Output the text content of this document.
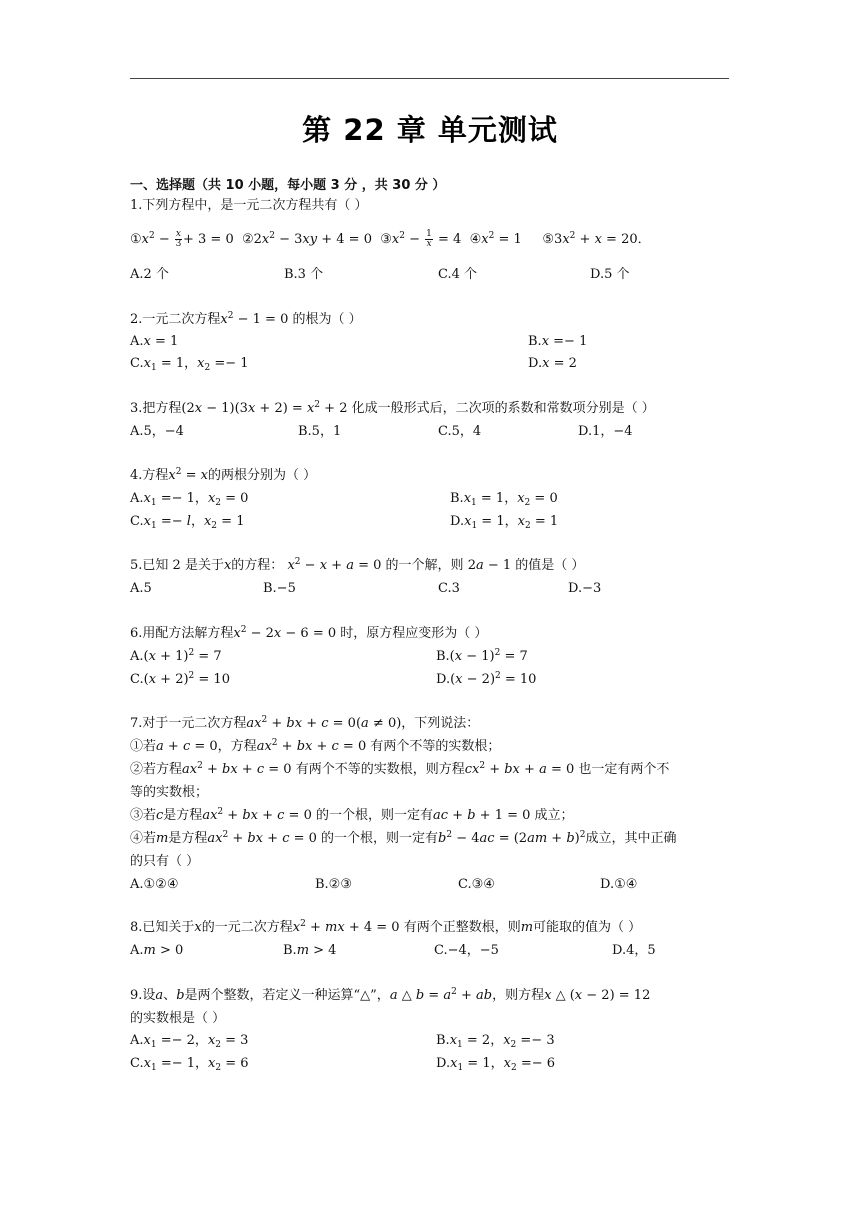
第 22 章 单元测试
一、选择题（共 10 小题，每小题 3 分 ，共 30 分 ）
1.下列方程中，是一元二次方程共有（ ）
$①x^2 - \frac{x}{3} + 3 = 0$  $②2x^2 - 3xy + 4 = 0$  $③x^2 - \frac{1}{x} = 4$  $④x^2 = 1$     $⑤3x^2 + x = 20$．
A.2 个	B.3 个	C.4 个	D.5 个
2.一元二次方程$x^2 - 1 = 0$ 的根为（ ）
A.x = 1	B.x =− 1
$C.x_1 = 1$，$x_2 =- 1$	D.x = 2
3.把方程$(2x - 1)(3x + 2) = x^2 + 2$ 化成一般形式后，二次项的系数和常数项分别是（ ）
A.5，−4	B.5，1	C.5，4	D.1，−4
4.方程$x^2 = x$的两根分别为（ ）
$A.x_1 =- 1$，$x_2 = 0$	$B.x_1 = 1$，$x_2 = 0$
$C.x_1 =- l$，$x_2 = 1$	$D.x_1 = 1$，$x_2 = 1$
5.已知 2 是关于x的方程： $x^2 - x + a = 0$ 的一个解，则 2a − 1 的值是（ ）
A.5	B.−5	C.3	D.−3
6.用配方法解方程$x^2 - 2x - 6 = 0$ 时，原方程应变形为（ ）
$A.(x + 1)^2 = 7$	$B.(x - 1)^2 = 7$
$C.(x + 2)^2 = 10$	$D.(x - 2)^2 = 10$
7.对于一元二次方程$ax^2$ + bx + c = 0(a ≠ 0)，下列说法：
①若a + c = 0，方程$ax^2$ + bx + c = 0 有两个不等的实数根；
②若方程$ax^2$ + bx + c = 0 有两个不等的实数根，则方程$cx^2$ + bx + a = 0 也一定有两个不
等的实数根；
③若c是方程$ax^2$ + bx + c = 0 的一个根，则一定有ac + b + 1 = 0 成立；
④若m是方程$ax^2$ + bx + c = 0 的一个根，则一定有$b^2 - 4ac = (2am + b)^2$成立，其中正确
的只有（ ）
A.①②④	B.②③	C.③④	D.①④
8.已知关于x的一元二次方程$x^2$ + mx + 4 = 0 有两个正整数根，则m可能取的值为（ ）
A.m > 0	B.m > 4	C.−4，−5	D.4，5
9.设a、b是两个整数，若定义一种运算“△”，a △ $b = a^2$ + ab，则方程x △ (x − 2) = 12
的实数根是（ ）
$A.x_1 =- 2$，$x_2 = 3$	$B.x_1 = 2$，$x_2 =- 3$
$C.x_1 =- 1$，$x_2 = 6$	$D.x_1 = 1$，$x_2 =- 6$
